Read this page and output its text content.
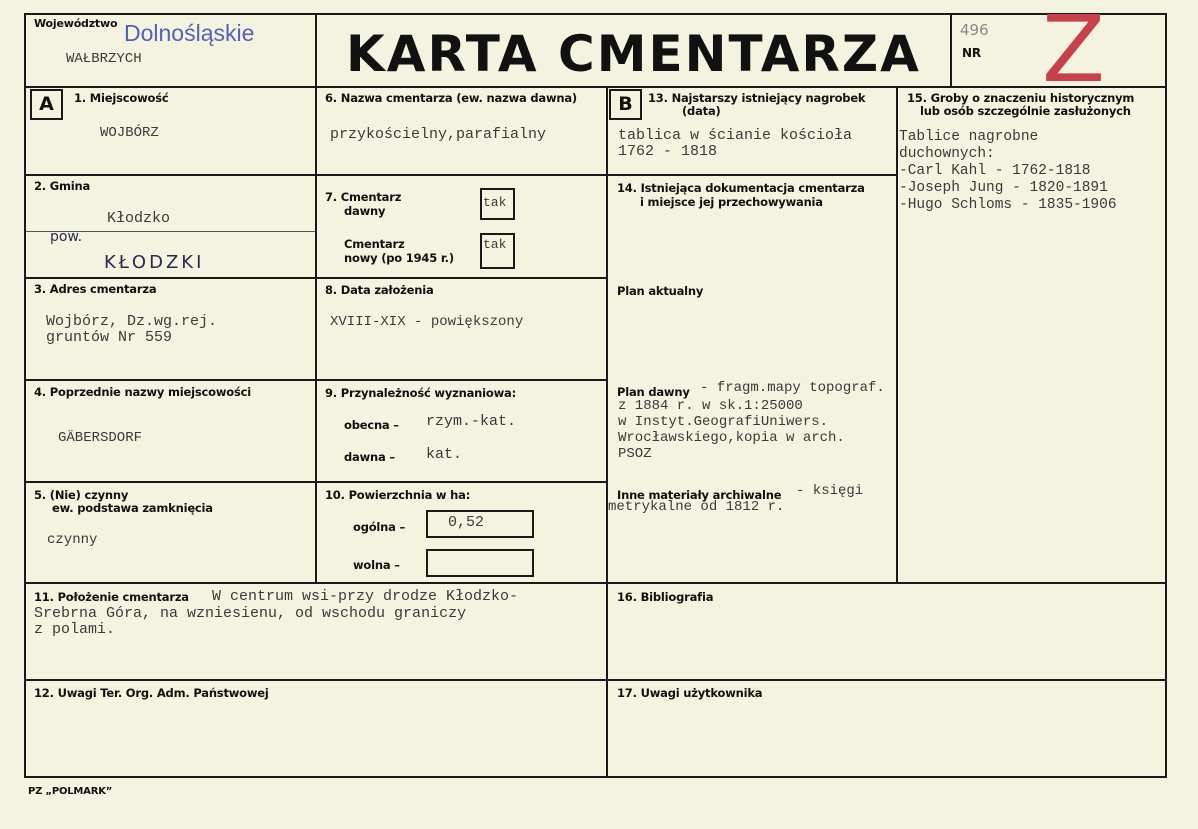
Województwo Dolnośląskie
WAŁBRZYCH	KARTA CMENTARZA	496
NR Z
A	B
1. Miejscowość
WOJBÓRZ
2. Gmina
Kłodzko
pow.
KŁODZKI
3. Adres cmentarza
Wojbórz, Dz.wg.rej.
gruntów Nr 559
4. Poprzednie nazwy miejscowości
GÄBERSDORF
5. (Nie) czynny
ew. podstawa zamknięcia
czynny
6. Nazwa cmentarza (ew. nazwa dawna)
przykościelny,parafialny
7. Cmentarz
dawny
tak
Cmentarz
nowy (po 1945 r.)
tak
8. Data założenia
XVIII-XIX - powiększony
9. Przynależność wyznaniowa:
obecna – rzym.-kat.
dawna – kat.
10. Powierzchnia w ha:
ogólna –	0,52
wolna –
13. Najstarszy istniejący nagrobek
(data)
tablica w ścianie kościoła
1762 - 1818
14. Istniejąca dokumentacja cmentarza
i miejsce jej przechowywania
Plan aktualny
Plan dawny - fragm.mapy topograf.
z 1884 r. w sk.1:25000
w Instyt.GeografiUniwers.
Wrocławskiego,kopia w arch.
PSOZ
Inne materiały archiwalne - księgi
metrykalne od 1812 r.
15. Groby o znaczeniu historycznym
lub osób szczególnie zasłużonych
Tablice nagrobne
duchownych:
-Carl Kahl - 1762-1818
-Joseph Jung - 1820-1891
-Hugo Schloms - 1835-1906
11. Położenie cmentarza W centrum wsi-przy drodze Kłodzko-
Srebrna Góra, na wzniesienu, od wschodu graniczy
z polami.
16. Bibliografia
12. Uwagi Ter. Org. Adm. Państwowej	17. Uwagi użytkownika
PZ „POLMARK”
